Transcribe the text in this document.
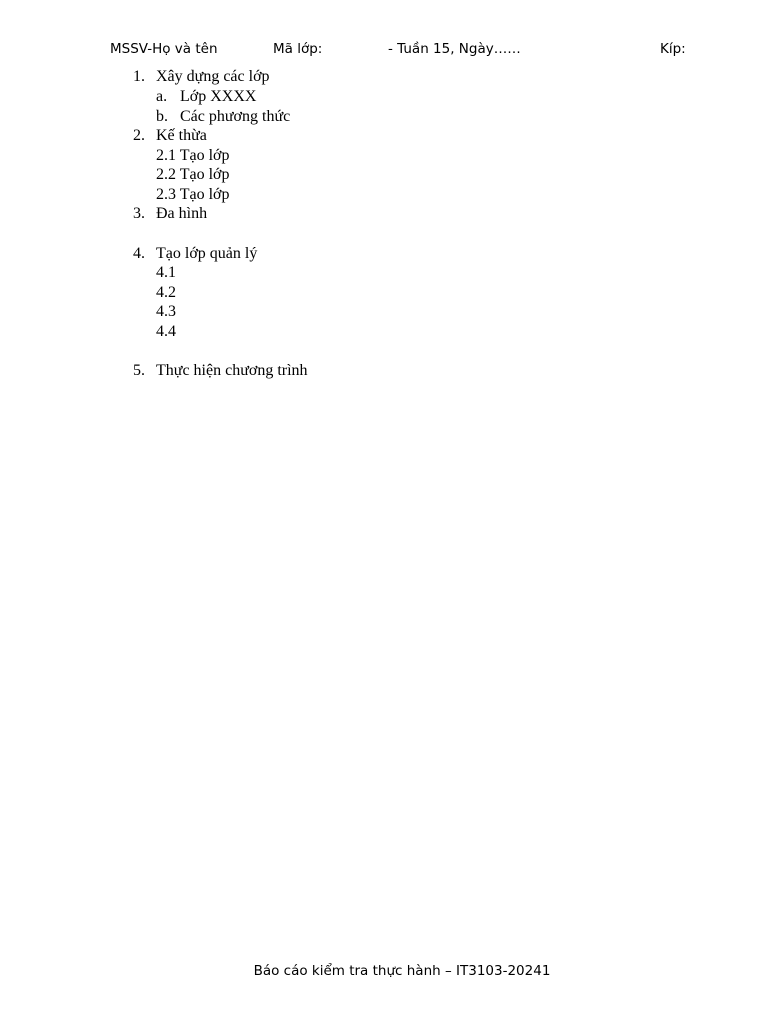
MSSV-Họ và tên	Mã lớp:	- Tuần 15, Ngày……	Kíp:
1. Xây dựng các lớp
a. Lớp XXXX
b. Các phương thức
2. Kế thừa
2.1 Tạo lớp
2.2 Tạo lớp
2.3 Tạo lớp
3. Đa hình
4. Tạo lớp quản lý
4.1
4.2
4.3
4.4
5. Thực hiện chương trình
Báo cáo kiểm tra thực hành – IT3103-20241
